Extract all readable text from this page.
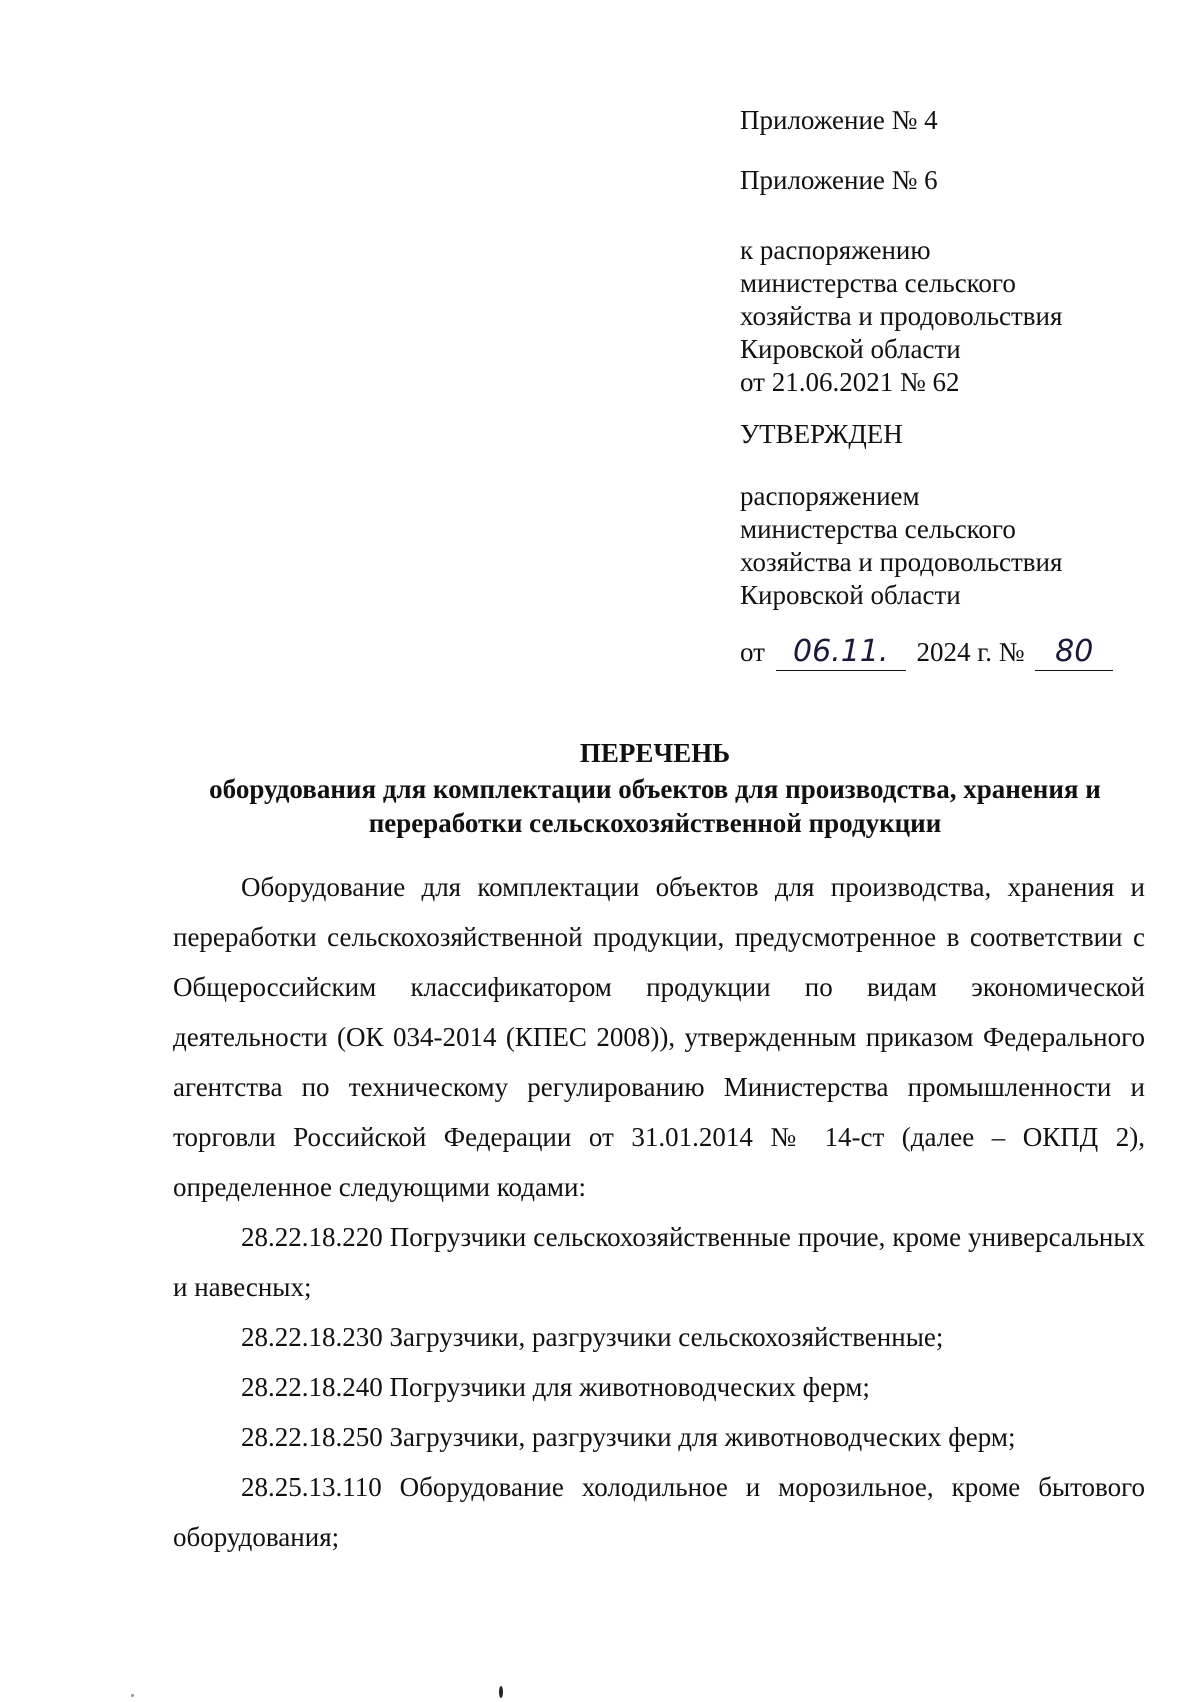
Приложение № 4
Приложение № 6
к распоряжению
министерства сельского
хозяйства и продовольствия
Кировской области
от 21.06.2021 № 62
УТВЕРЖДЕН
распоряжением
министерства сельского
хозяйства и продовольствия
Кировской области
от 06.11. 2024 г. № 80
ПЕРЕЧЕНЬ
оборудования для комплектации объектов для производства, хранения и
переработки сельскохозяйственной продукции
Оборудование для комплектации объектов для производства, хранения и переработки сельскохозяйственной продукции, предусмотренное в соответствии с Общероссийским классификатором продукции по видам экономической деятельности (ОК 034-2014 (КПЕС 2008)), утвержденным приказом Федерального агентства по техническому регулированию Министерства промышленности и торговли Российской Федерации от 31.01.2014 № 14-ст (далее – ОКПД 2), определенное следующими кодами:
28.22.18.220 Погрузчики сельскохозяйственные прочие, кроме универсальных и навесных;
28.22.18.230 Загрузчики, разгрузчики сельскохозяйственные;
28.22.18.240 Погрузчики для животноводческих ферм;
28.22.18.250 Загрузчики, разгрузчики для животноводческих ферм;
28.25.13.110 Оборудование холодильное и морозильное, кроме бытового оборудования;
